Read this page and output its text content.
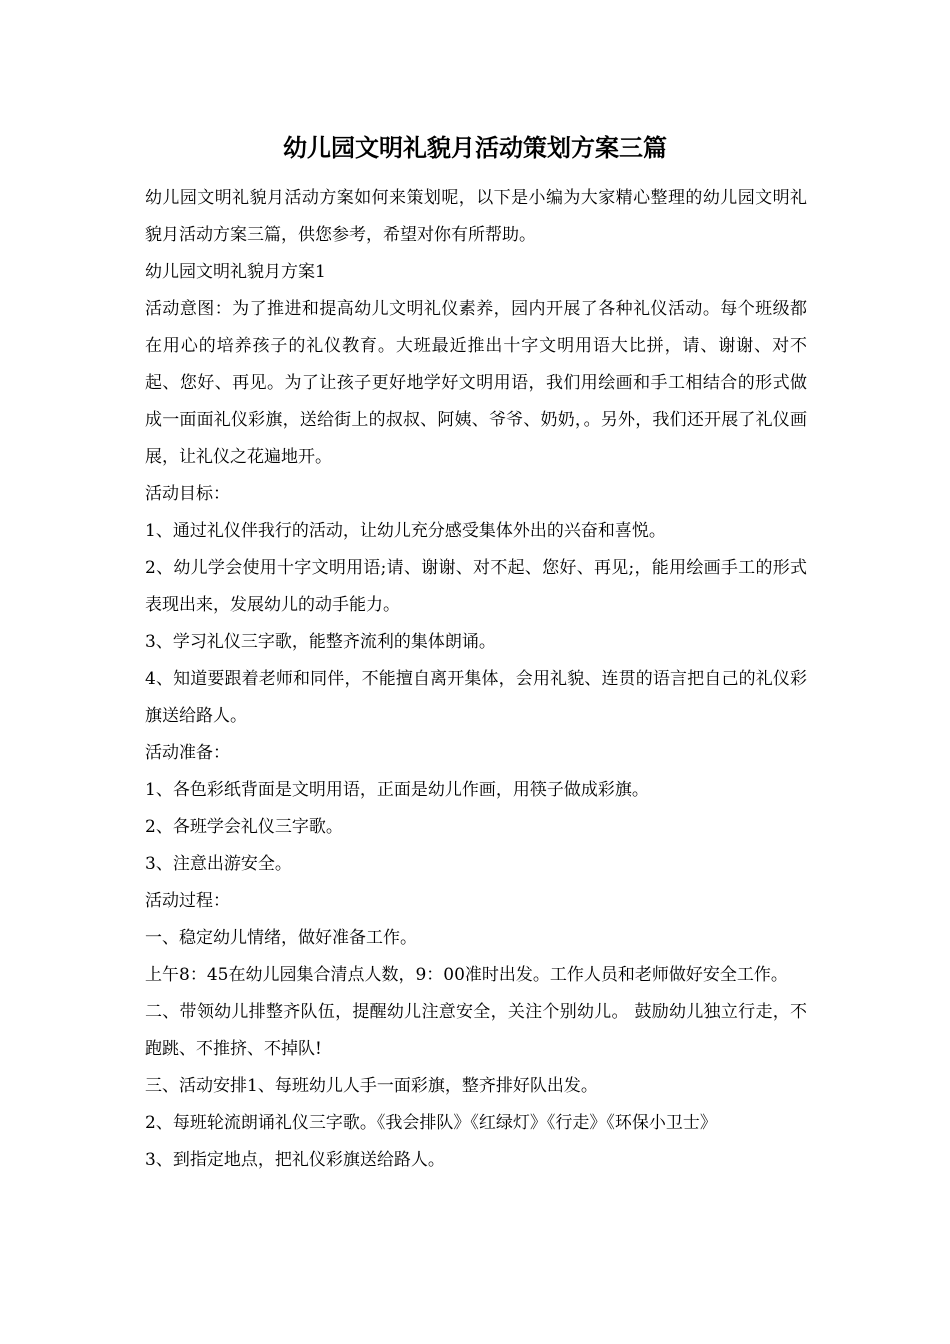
幼儿园文明礼貌月活动策划方案三篇

幼儿园文明礼貌月活动方案如何来策划呢，以下是小编为大家精心整理的幼儿园文明礼貌月活动方案三篇，供您参考，希望对你有所帮助。

幼儿园文明礼貌月方案1

活动意图：为了推进和提高幼儿文明礼仪素养，园内开展了各种礼仪活动。每个班级都在用心的培养孩子的礼仪教育。大班最近推出十字文明用语大比拼，请、谢谢、对不起、您好、再见。为了让孩子更好地学好文明用语，我们用绘画和手工相结合的形式做成一面面礼仪彩旗，送给街上的叔叔、阿姨、爷爷、奶奶，。另外，我们还开展了礼仪画展，让礼仪之花遍地开。

活动目标：

1、通过礼仪伴我行的活动，让幼儿充分感受集体外出的兴奋和喜悦。

2、幼儿学会使用十字文明用语;请、谢谢、对不起、您好、再见;，能用绘画手工的形式表现出来，发展幼儿的动手能力。

3、学习礼仪三字歌，能整齐流利的集体朗诵。

4、知道要跟着老师和同伴，不能擅自离开集体，会用礼貌、连贯的语言把自己的礼仪彩旗送给路人。

活动准备：

1、各色彩纸背面是文明用语，正面是幼儿作画，用筷子做成彩旗。

2、各班学会礼仪三字歌。

3、注意出游安全。

活动过程：

一、稳定幼儿情绪，做好准备工作。

上午8：45在幼儿园集合清点人数，9：00准时出发。工作人员和老师做好安全工作。

二、带领幼儿排整齐队伍，提醒幼儿注意安全，关注个别幼儿。 鼓励幼儿独立行走，不跑跳、不推挤、不掉队!

三、活动安排1、每班幼儿人手一面彩旗，整齐排好队出发。

2、每班轮流朗诵礼仪三字歌。《我会排队》《红绿灯》《行走》《环保小卫士》

3、到指定地点，把礼仪彩旗送给路人。
